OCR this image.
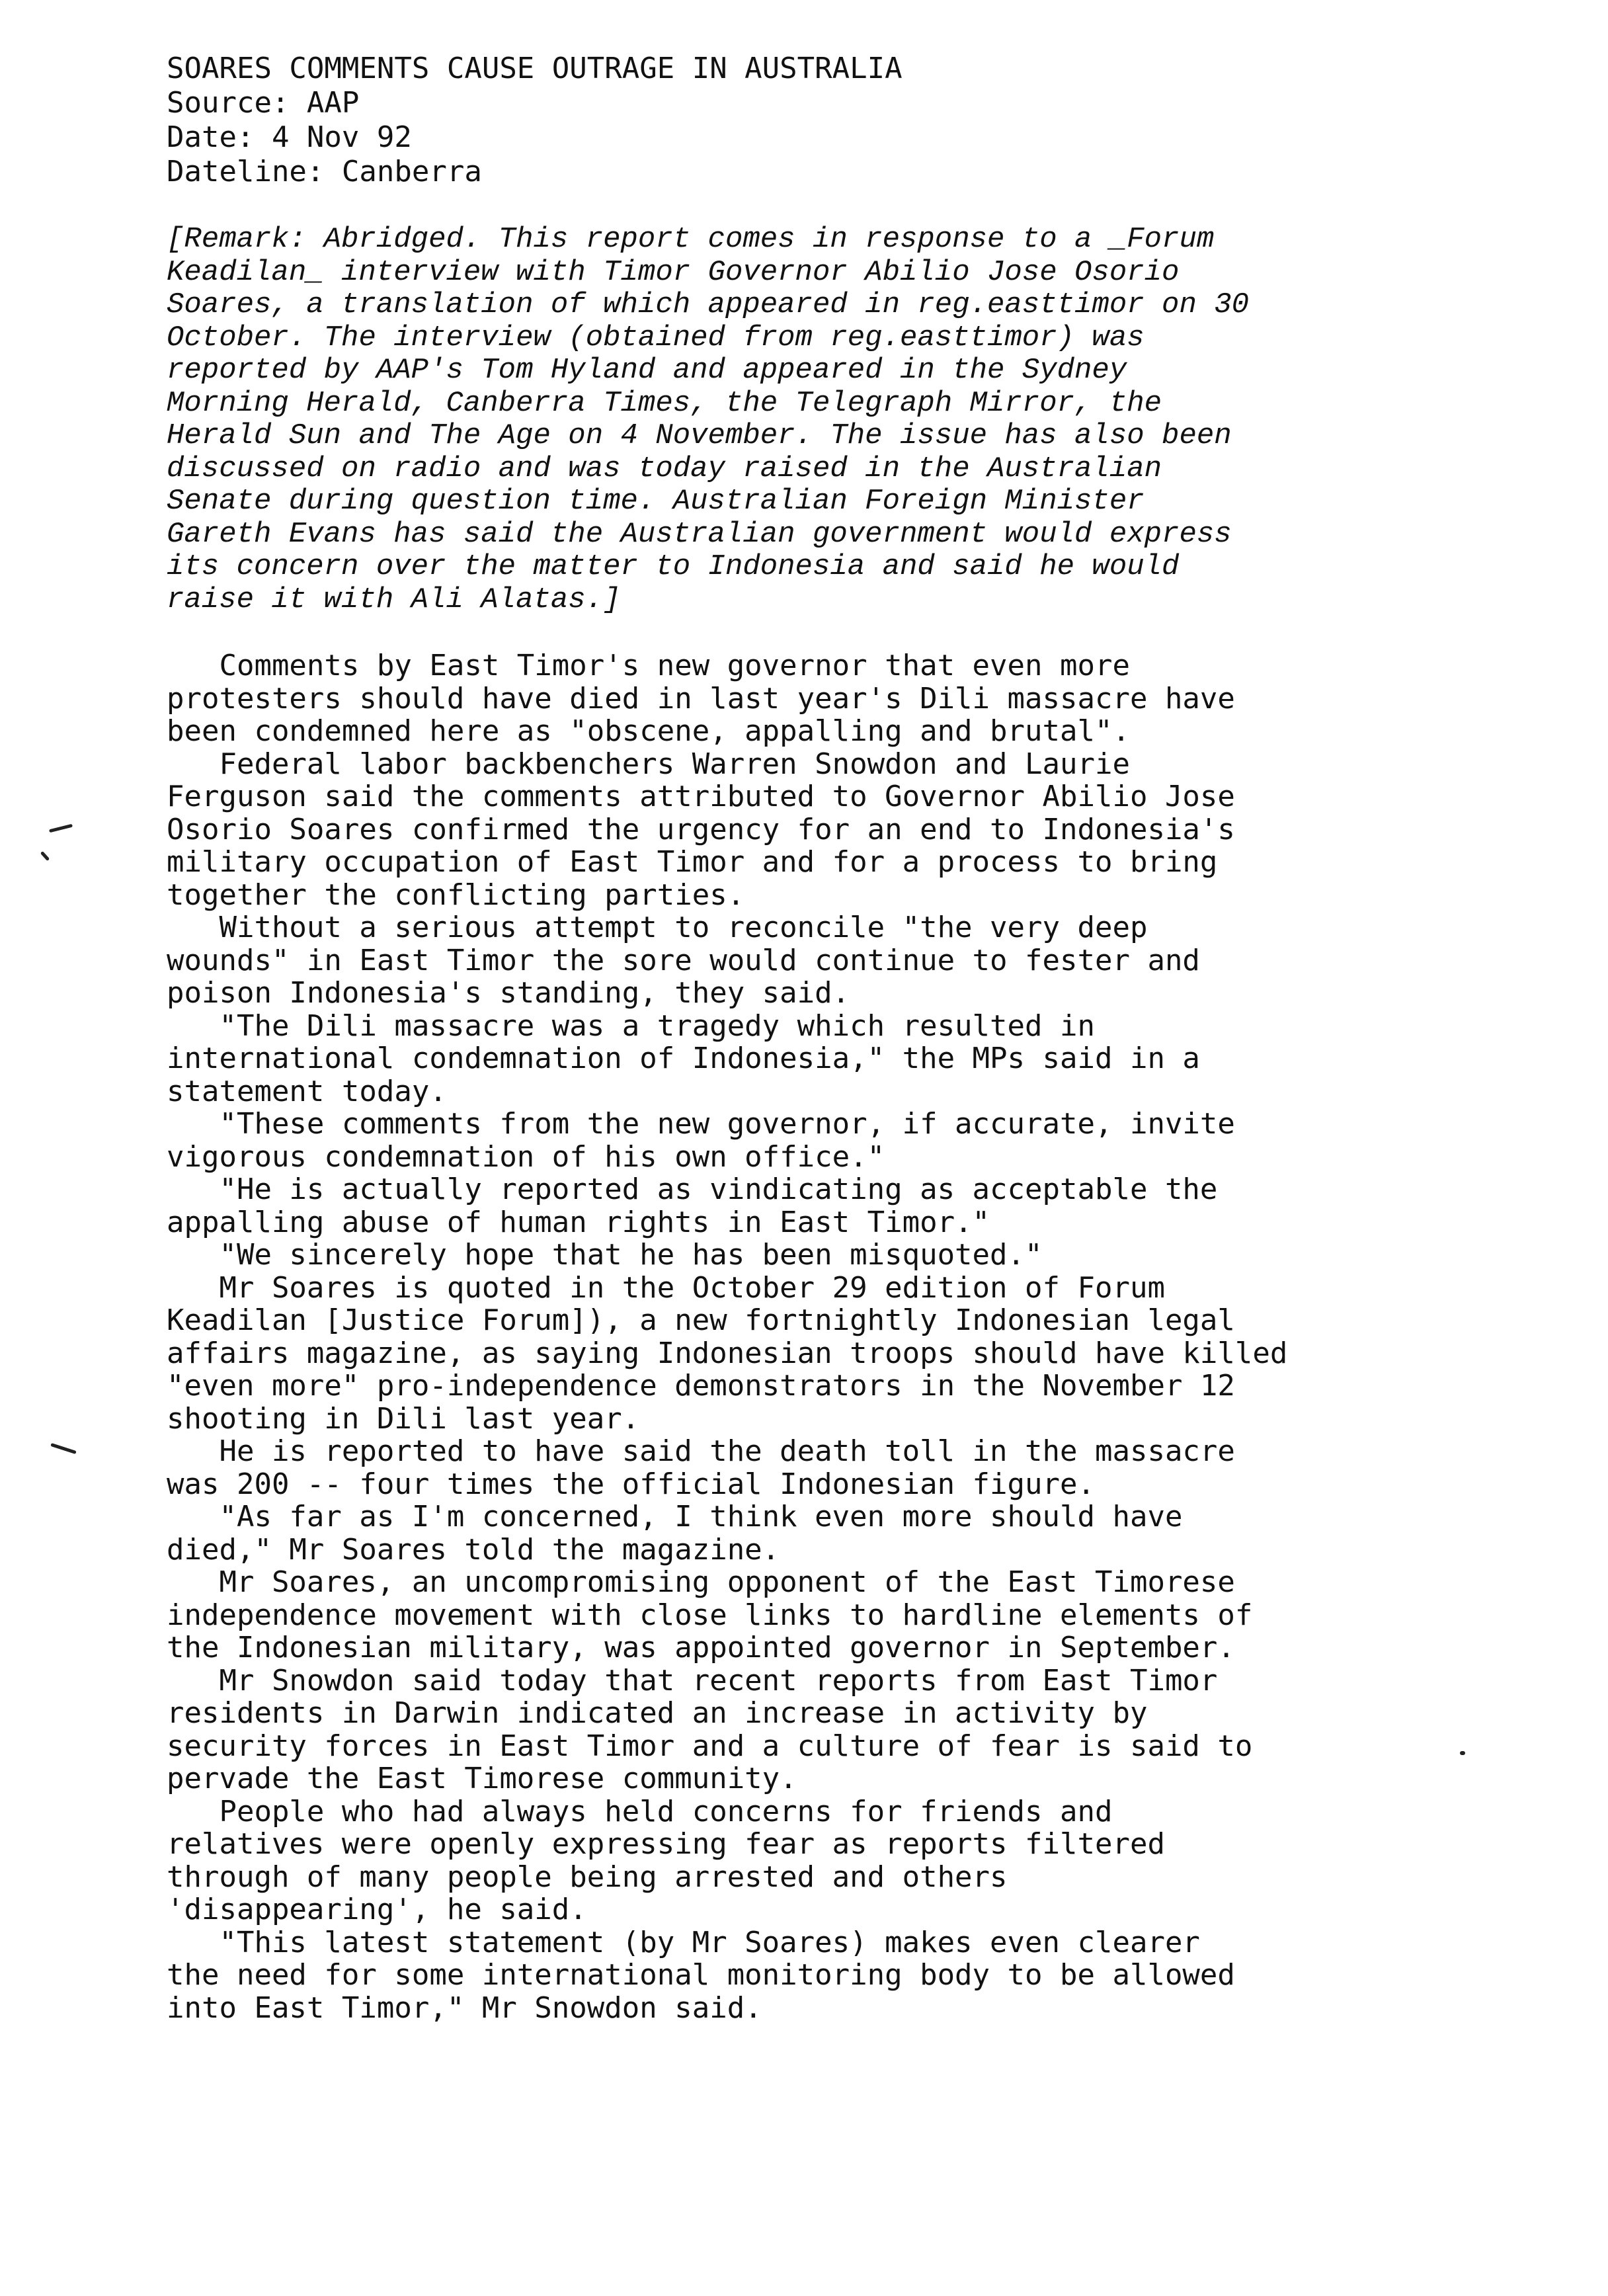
SOARES COMMENTS CAUSE OUTRAGE IN AUSTRALIA
Source: AAP
Date: 4 Nov 92
Dateline: Canberra
[Remark: Abridged. This report comes in response to a _Forum
Keadilan_ interview with Timor Governor Abilio Jose Osorio
Soares, a translation of which appeared in reg.easttimor on 30
October. The interview (obtained from reg.easttimor) was
reported by AAP's Tom Hyland and appeared in the Sydney
Morning Herald, Canberra Times, the Telegraph Mirror, the
Herald Sun and The Age on 4 November. The issue has also been
discussed on radio and was today raised in the Australian
Senate during question time. Australian Foreign Minister
Gareth Evans has said the Australian government would express
its concern over the matter to Indonesia and said he would
raise it with Ali Alatas.]
Comments by East Timor's new governor that even more
protesters should have died in last year's Dili massacre have
been condemned here as "obscene, appalling and brutal".
Federal labor backbenchers Warren Snowdon and Laurie
Ferguson said the comments attributed to Governor Abilio Jose
Osorio Soares confirmed the urgency for an end to Indonesia's
military occupation of East Timor and for a process to bring
together the conflicting parties.
Without a serious attempt to reconcile "the very deep
wounds" in East Timor the sore would continue to fester and
poison Indonesia's standing, they said.
"The Dili massacre was a tragedy which resulted in
international condemnation of Indonesia," the MPs said in a
statement today.
"These comments from the new governor, if accurate, invite
vigorous condemnation of his own office."
"He is actually reported as vindicating as acceptable the
appalling abuse of human rights in East Timor."
"We sincerely hope that he has been misquoted."
Mr Soares is quoted in the October 29 edition of Forum
Keadilan [Justice Forum]), a new fortnightly Indonesian legal
affairs magazine, as saying Indonesian troops should have killed
"even more" pro-independence demonstrators in the November 12
shooting in Dili last year.
He is reported to have said the death toll in the massacre
was 200 -- four times the official Indonesian figure.
"As far as I'm concerned, I think even more should have
died," Mr Soares told the magazine.
Mr Soares, an uncompromising opponent of the East Timorese
independence movement with close links to hardline elements of
the Indonesian military, was appointed governor in September.
Mr Snowdon said today that recent reports from East Timor
residents in Darwin indicated an increase in activity by
security forces in East Timor and a culture of fear is said to
pervade the East Timorese community.
People who had always held concerns for friends and
relatives were openly expressing fear as reports filtered
through of many people being arrested and others
'disappearing', he said.
"This latest statement (by Mr Soares) makes even clearer
the need for some international monitoring body to be allowed
into East Timor," Mr Snowdon said.
